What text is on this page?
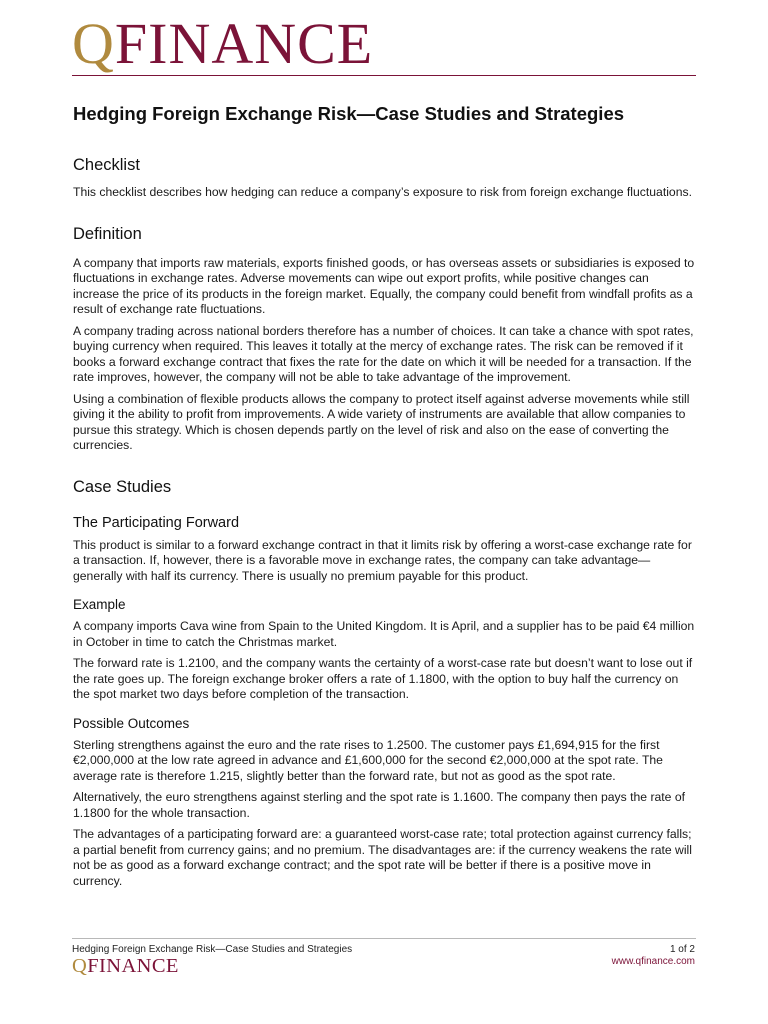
QFINANCE
Hedging Foreign Exchange Risk—Case Studies and Strategies
Checklist

This checklist describes how hedging can reduce a company’s exposure to risk from foreign exchange fluctuations.

Definition

A company that imports raw materials, exports finished goods, or has overseas assets or subsidiaries is exposed to fluctuations in exchange rates. Adverse movements can wipe out export profits, while positive changes can increase the price of its products in the foreign market. Equally, the company could benefit from windfall profits as a result of exchange rate fluctuations.

A company trading across national borders therefore has a number of choices. It can take a chance with spot rates, buying currency when required. This leaves it totally at the mercy of exchange rates. The risk can be removed if it books a forward exchange contract that fixes the rate for the date on which it will be needed for a transaction. If the rate improves, however, the company will not be able to take advantage of the improvement.

Using a combination of flexible products allows the company to protect itself against adverse movements while still giving it the ability to profit from improvements. A wide variety of instruments are available that allow companies to pursue this strategy. Which is chosen depends partly on the level of risk and also on the ease of converting the currencies.

Case Studies
The Participating Forward

This product is similar to a forward exchange contract in that it limits risk by offering a worst-case exchange rate for a transaction. If, however, there is a favorable move in exchange rates, the company can take advantage—generally with half its currency. There is usually no premium payable for this product.

Example

A company imports Cava wine from Spain to the United Kingdom. It is April, and a supplier has to be paid €4 million in October in time to catch the Christmas market.

The forward rate is 1.2100, and the company wants the certainty of a worst-case rate but doesn’t want to lose out if the rate goes up. The foreign exchange broker offers a rate of 1.1800, with the option to buy half the currency on the spot market two days before completion of the transaction.

Possible Outcomes

Sterling strengthens against the euro and the rate rises to 1.2500. The customer pays £1,694,915 for the first €2,000,000 at the low rate agreed in advance and £1,600,000 for the second €2,000,000 at the spot rate. The average rate is therefore 1.215, slightly better than the forward rate, but not as good as the spot rate.

Alternatively, the euro strengthens against sterling and the spot rate is 1.1600. The company then pays the rate of 1.1800 for the whole transaction.

The advantages of a participating forward are: a guaranteed worst-case rate; total protection against currency falls; a partial benefit from currency gains; and no premium. The disadvantages are: if the currency weakens the rate will not be as good as a forward exchange contract; and the spot rate will be better if there is a positive move in currency.

Hedging Foreign Exchange Risk—Case Studies and Strategies
QFINANCE
1 of 2
www.qfinance.com
